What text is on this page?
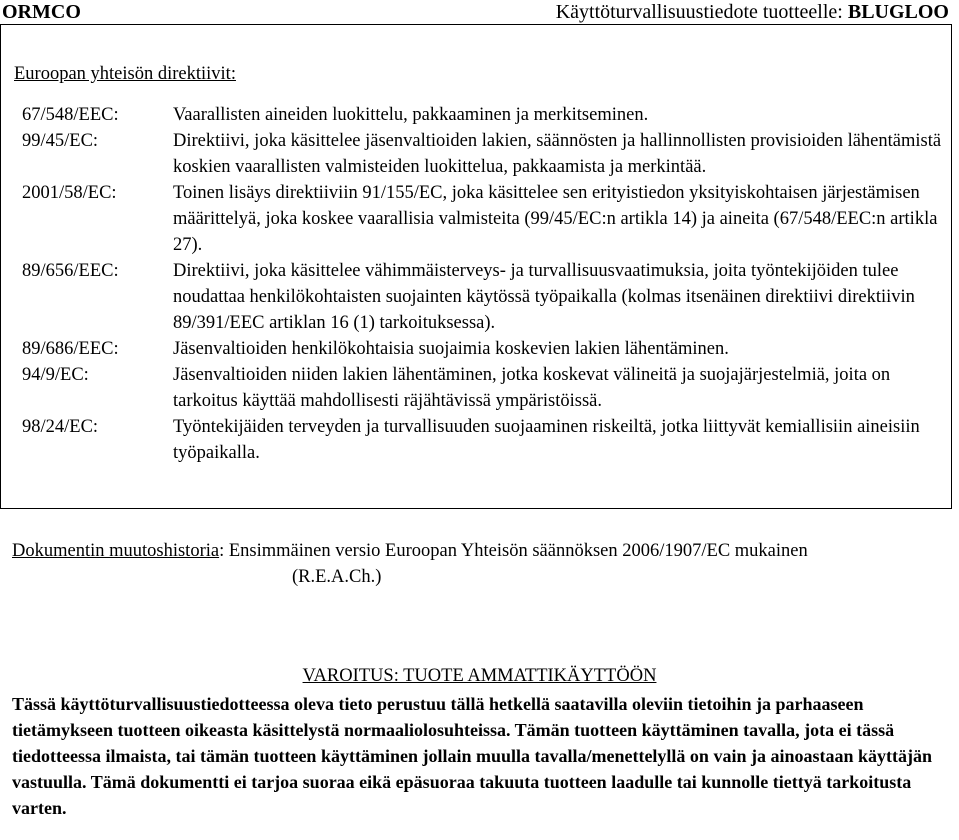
ORMCO	Käyttöturvallisuustiedote tuotteelle: BLUGLOO
Euroopan yhteisön direktiivit:
67/548/EEC:	Vaarallisten aineiden luokittelu, pakkaaminen ja merkitseminen.
99/45/EC:	Direktiivi, joka käsittelee jäsenvaltioiden lakien, säännösten ja hallinnollisten provisioiden lähentämistä koskien vaarallisten valmisteiden luokittelua, pakkaamista ja merkintää.
2001/58/EC:	Toinen lisäys direktiiviin 91/155/EC, joka käsittelee sen erityistiedon yksityiskohtaisen järjestämisen määrittelyä, joka koskee vaarallisia valmisteita (99/45/EC:n artikla 14) ja aineita (67/548/EEC:n artikla 27).
89/656/EEC:	Direktiivi, joka käsittelee vähimmäisterveys- ja turvallisuusvaatimuksia, joita työntekijöiden tulee noudattaa henkilökohtaisten suojainten käytössä työpaikalla (kolmas itsenäinen direktiivi direktiivin 89/391/EEC artiklan 16 (1) tarkoituksessa).
89/686/EEC:	Jäsenvaltioiden henkilökohtaisia suojaimia koskevien lakien lähentäminen.
94/9/EC:	Jäsenvaltioiden niiden lakien lähentäminen, jotka koskevat välineitä ja suojajärjestelmiä, joita on tarkoitus käyttää mahdollisesti räjähtävissä ympäristöissä.
98/24/EC:	Työntekijäiden terveyden ja turvallisuuden suojaaminen riskeiltä, jotka liittyvät kemiallisiin aineisiin työpaikalla.
Dokumentin muutoshistoria: Ensimmäinen versio Euroopan Yhteisön säännöksen 2006/1907/EC mukainen
(R.E.A.Ch.)
VAROITUS: TUOTE AMMATTIKÄYTTÖÖN
Tässä käyttöturvallisuustiedotteessa oleva tieto perustuu tällä hetkellä saatavilla oleviin tietoihin ja parhaaseen tietämykseen tuotteen oikeasta käsittelystä normaaliolosuhteissa. Tämän tuotteen käyttäminen tavalla, jota ei tässä tiedotteessa ilmaista, tai tämän tuotteen käyttäminen jollain muulla tavalla/menettelyllä on vain ja ainoastaan käyttäjän vastuulla. Tämä dokumentti ei tarjoa suoraa eikä epäsuoraa takuuta tuotteen laadulle tai kunnolle tiettyä tarkoitusta varten.
